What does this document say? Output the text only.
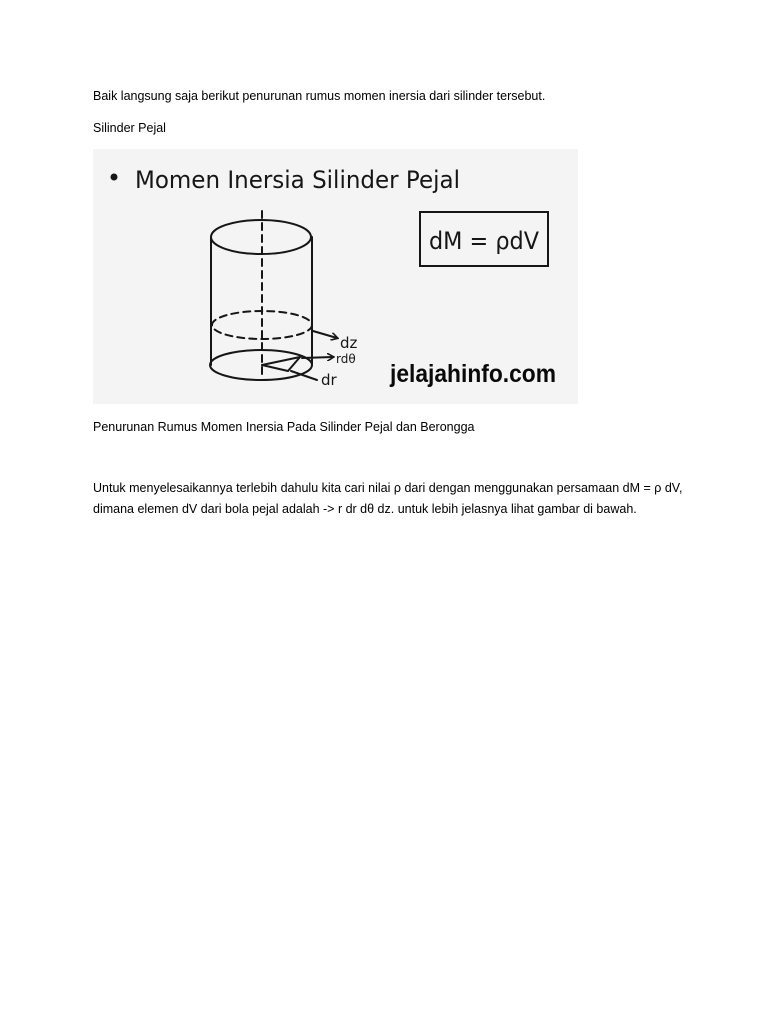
Baik langsung saja berikut penurunan rumus momen inersia dari silinder tersebut.
Silinder Pejal
Momen Inersia Silinder Pejal
dM = ρdV
dz
rdθ
dr jelajahinfo.com
Penurunan Rumus Momen Inersia Pada Silinder Pejal dan Berongga
Untuk menyelesaikannya terlebih dahulu kita cari nilai ρ dari dengan menggunakan persamaan dM = ρ dV, dimana elemen dV dari bola pejal adalah -> r dr dθ dz. untuk lebih jelasnya lihat gambar di bawah.
